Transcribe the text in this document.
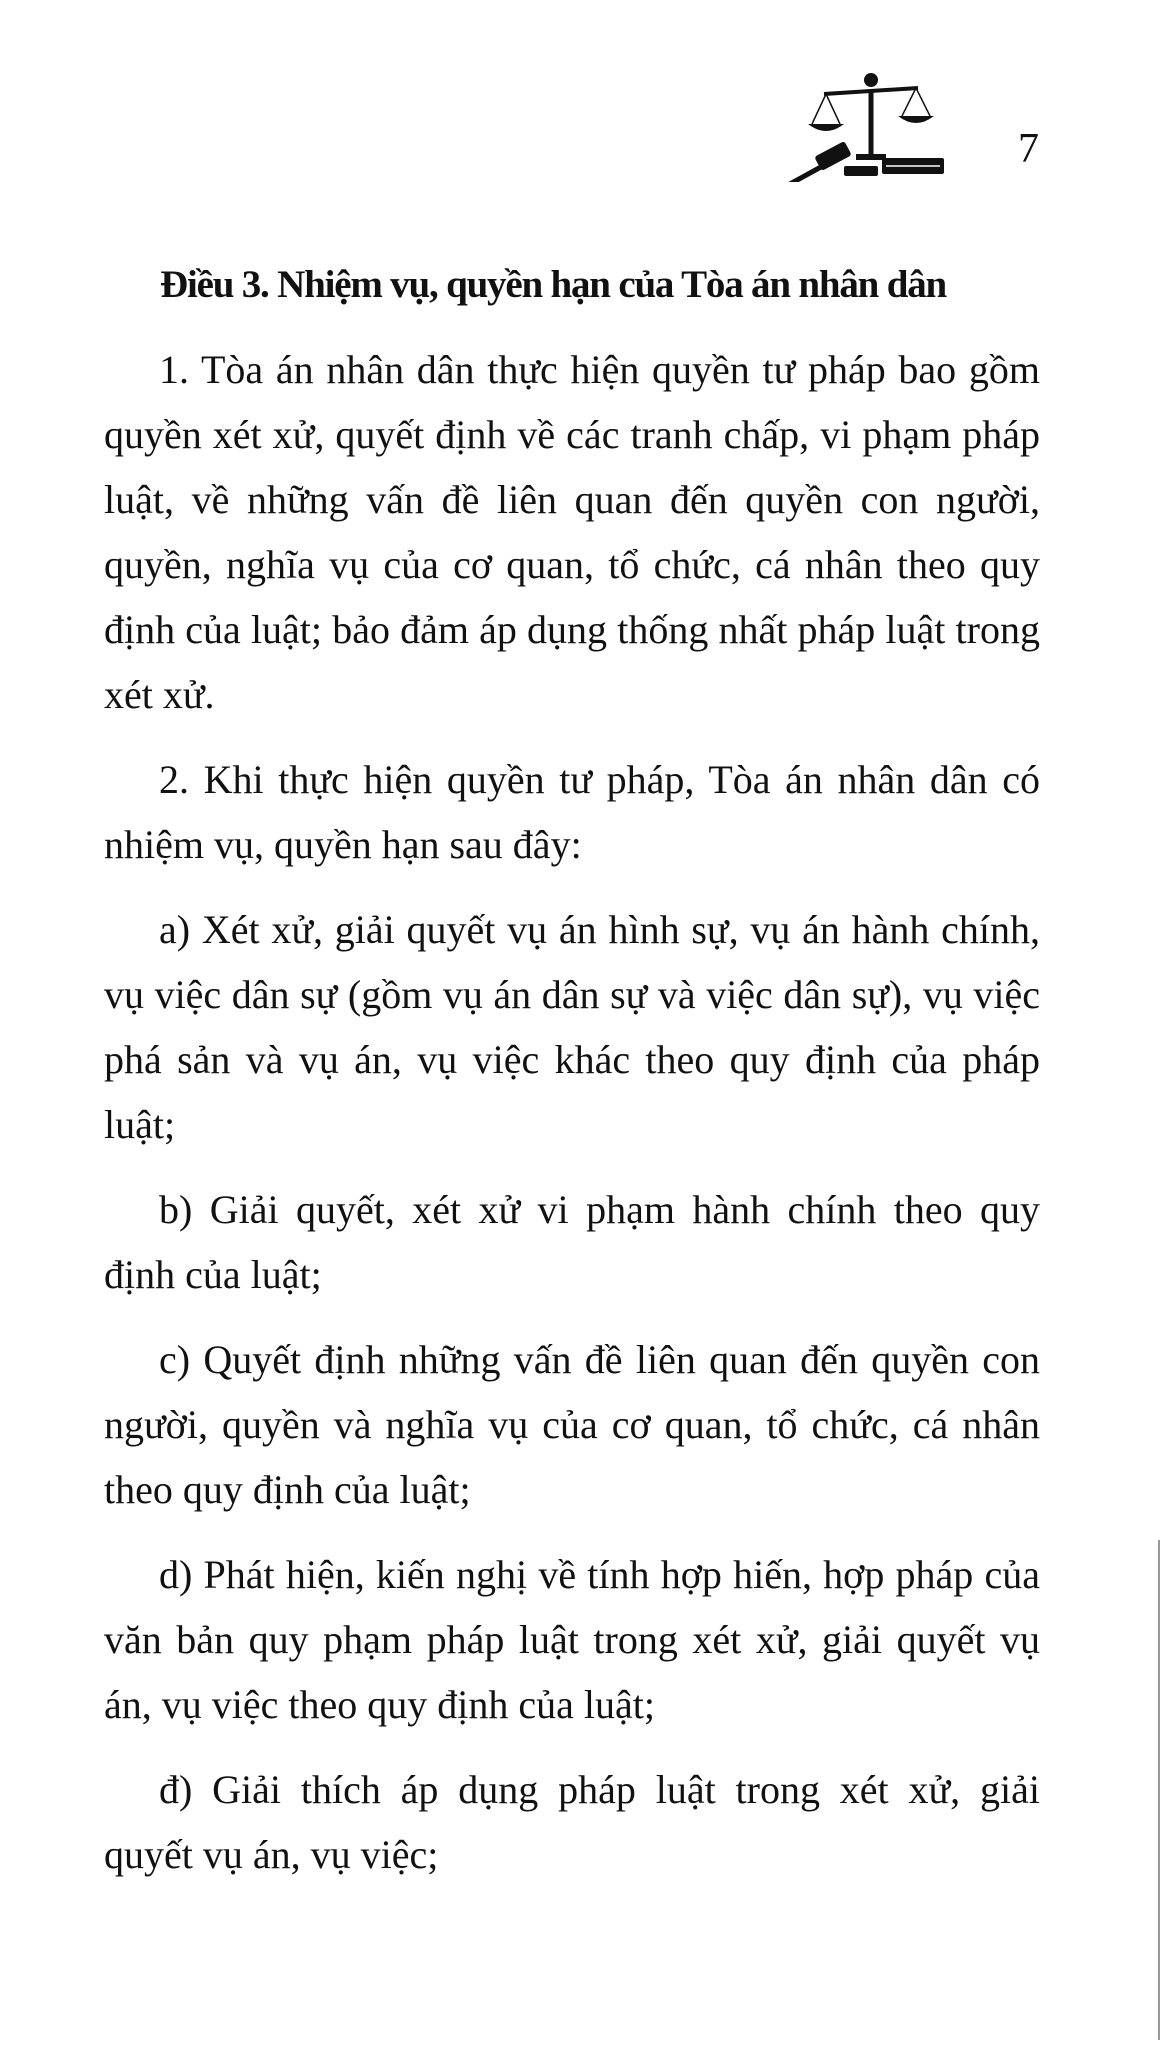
7
Điều 3. Nhiệm vụ, quyền hạn của Tòa án nhân dân

1. Tòa án nhân dân thực hiện quyền tư pháp bao gồm quyền xét xử, quyết định về các tranh chấp, vi phạm pháp luật, về những vấn đề liên quan đến quyền con người, quyền, nghĩa vụ của cơ quan, tổ chức, cá nhân theo quy định của luật; bảo đảm áp dụng thống nhất pháp luật trong xét xử.

2. Khi thực hiện quyền tư pháp, Tòa án nhân dân có nhiệm vụ, quyền hạn sau đây:

a) Xét xử, giải quyết vụ án hình sự, vụ án hành chính, vụ việc dân sự (gồm vụ án dân sự và việc dân sự), vụ việc phá sản và vụ án, vụ việc khác theo quy định của pháp luật;

b) Giải quyết, xét xử vi phạm hành chính theo quy định của luật;

c) Quyết định những vấn đề liên quan đến quyền con người, quyền và nghĩa vụ của cơ quan, tổ chức, cá nhân theo quy định của luật;

d) Phát hiện, kiến nghị về tính hợp hiến, hợp pháp của văn bản quy phạm pháp luật trong xét xử, giải quyết vụ án, vụ việc theo quy định của luật;

đ) Giải thích áp dụng pháp luật trong xét xử, giải quyết vụ án, vụ việc;
